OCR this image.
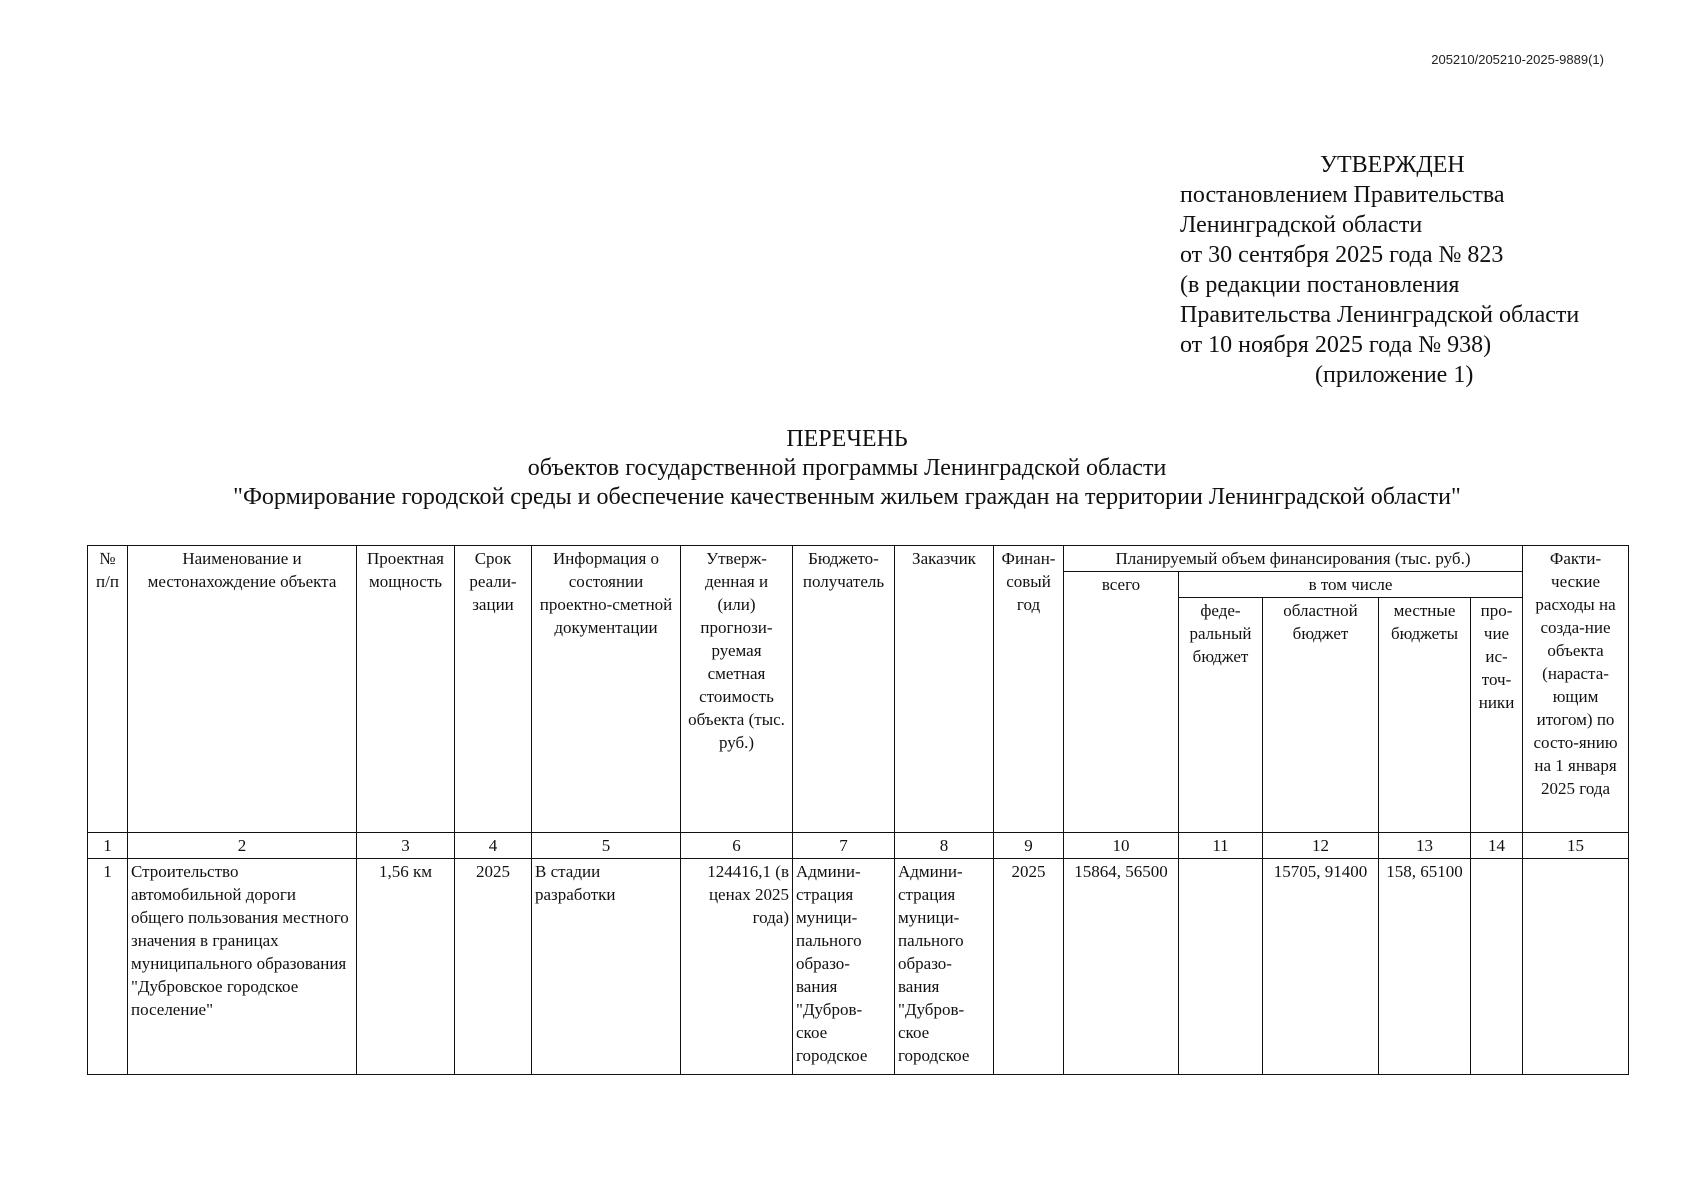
205210/205210-2025-9889(1)
УТВЕРЖДЕН
постановлением Правительства
Ленинградской области
от 30 сентября 2025 года № 823
(в редакции постановления
Правительства Ленинградской области
от 10 ноября 2025 года № 938)
(приложение 1)
ПЕРЕЧЕНЬ
объектов государственной программы Ленинградской области
"Формирование городской среды и обеспечение качественным жильем граждан на территории Ленинградской области"
№ п/п	Наименование и местонахождение объекта	Проектная мощность	Срок реали-зации	Информация о состоянии проектно-сметной документации	Утверж-денная и (или) прогнози-руемая сметная стоимость объекта (тыс. руб.)	Бюджето-получатель	Заказчик	Финан-совый год	Планируемый объем финансирования (тыс. руб.)					Факти-ческие расходы на созда-ние объекта (нараста-ющим итогом) по состо-янию на 1 января 2025 года
									всего	в том числе				
										феде-ральный бюджет	областной бюджет	местные бюджеты	про-чие ис-точ-ники	
1	2	3	4	5	6	7	8	9	10	11	12	13	14	15
1	Строительство автомобильной дороги общего пользования местного значения в границах муниципального образования "Дубровское городское поселение"	1,56 км	2025	В стадии разработки	124416,1 (в ценах 2025 года)	Админи-страция муници-пального образо-вания "Дубров-ское городское	Админи-страция муници-пального образо-вания "Дубров-ское городское	2025	15864, 56500		15705, 91400	158, 65100		
